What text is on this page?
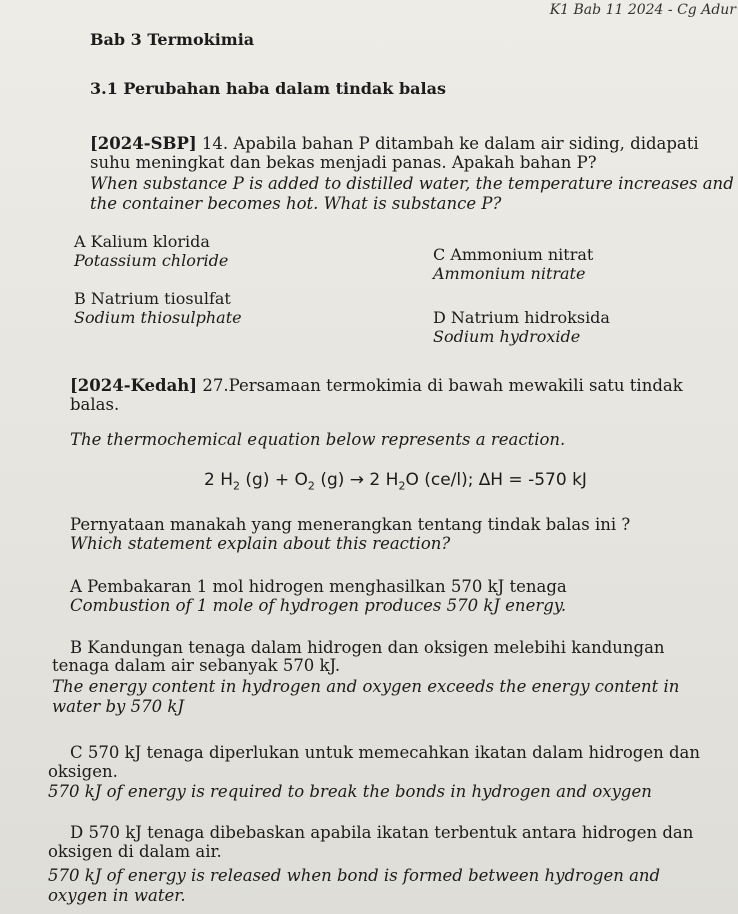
K1 Bab 11 2024 - Cg Adur
Bab 3 Termokimia
3.1 Perubahan haba dalam tindak balas
[2024-SBP] 14. Apabila bahan P ditambah ke dalam air siding, didapati
suhu meningkat dan bekas menjadi panas. Apakah bahan P?
When substance P is added to distilled water, the temperature increases and
the container becomes hot. What is substance P?
A Kalium klorida
Potassium chloride	C Ammonium nitrat
Ammonium nitrate
B Natrium tiosulfat
Sodium thiosulphate	D Natrium hidroksida
Sodium hydroxide
[2024-Kedah] 27.Persamaan termokimia di bawah mewakili satu tindak
balas.
The thermochemical equation below represents a reaction.
2 $H_2$ $(g) + O_2$ (g) → 2 $H_2O$ (ce/l); ∆H = -570 kJ
Pernyataan manakah yang menerangkan tentang tindak balas ini ?
Which statement explain about this reaction?
A Pembakaran 1 mol hidrogen menghasilkan 570 kJ tenaga
Combustion of 1 mole of hydrogen produces 570 kJ energy.
B Kandungan tenaga dalam hidrogen dan oksigen melebihi kandungan
tenaga dalam air sebanyak 570 kJ.
The energy content in hydrogen and oxygen exceeds the energy content in
water by 570 kJ
C 570 kJ tenaga diperlukan untuk memecahkan ikatan dalam hidrogen dan
oksigen.
570 kJ of energy is required to break the bonds in hydrogen and oxygen
D 570 kJ tenaga dibebaskan apabila ikatan terbentuk antara hidrogen dan
oksigen di dalam air.
570 kJ of energy is released when bond is formed between hydrogen and
oxygen in water.
